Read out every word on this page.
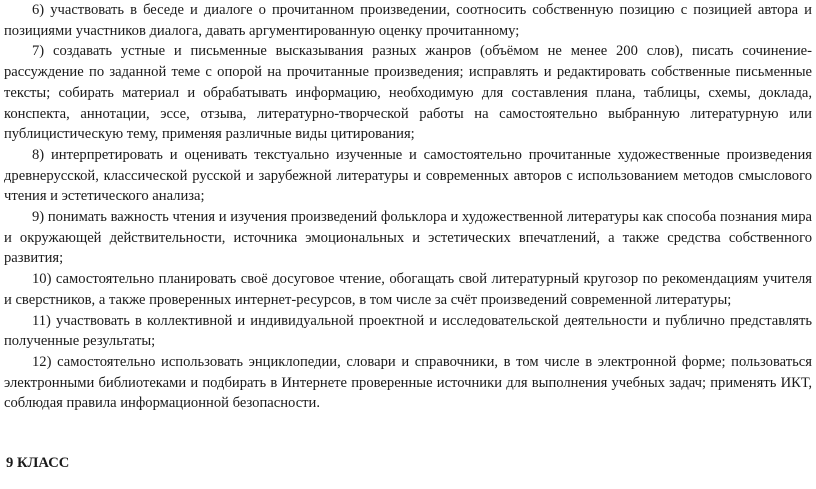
6) участвовать в беседе и диалоге о прочитанном произведении, соотносить собственную позицию с позицией автора и позициями участников диалога, давать аргументированную оценку прочитанному;

7) создавать устные и письменные высказывания разных жанров (объёмом не менее 200 слов), писать сочинение-рассуждение по заданной теме с опорой на прочитанные произведения; исправлять и редактировать собственные письменные тексты; собирать материал и обрабатывать информацию, необходимую для составления плана, таблицы, схемы, доклада, конспекта, аннотации, эссе, отзыва, литературно-творческой работы на самостоятельно выбранную литературную или публицистическую тему, применяя различные виды цитирования;

8) интерпретировать и оценивать текстуально изученные и самостоятельно прочитанные художественные произведения древнерусской, классической русской и зарубежной литературы и современных авторов с использованием методов смыслового чтения и эстетического анализа;

9) понимать важность чтения и изучения произведений фольклора и художественной литературы как способа познания мира и окружающей действительности, источника эмоциональных и эстетических впечатлений, а также средства собственного развития;

10) самостоятельно планировать своё досуговое чтение, обогащать свой литературный кругозор по рекомендациям учителя и сверстников, а также проверенных интернет-ресурсов, в том числе за счёт произведений современной литературы;

11) участвовать в коллективной и индивидуальной проектной и исследовательской деятельности и публично представлять полученные результаты;

12) самостоятельно использовать энциклопедии, словари и справочники, в том числе в электронной форме; пользоваться электронными библиотеками и подбирать в Интернете проверенные источники для выполнения учебных задач; применять ИКТ, соблюдая правила информационной безопасности.

9 КЛАСС
